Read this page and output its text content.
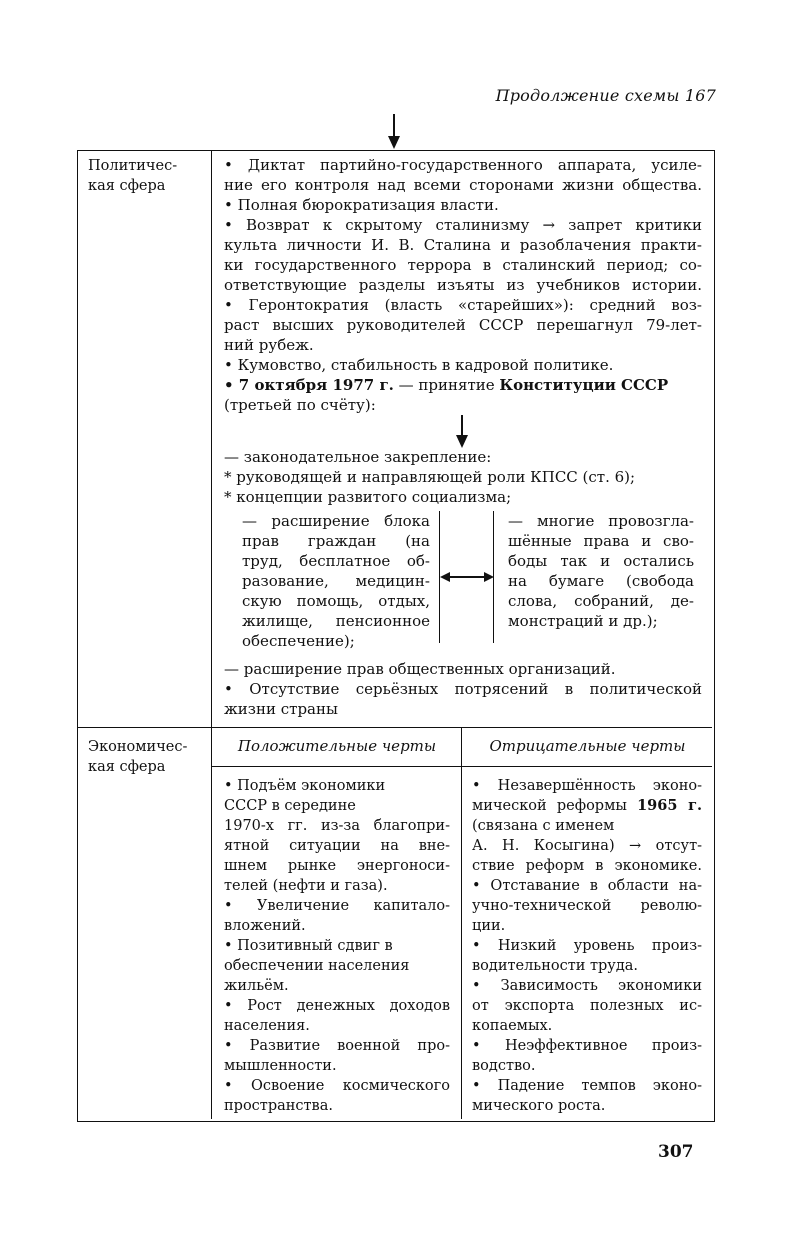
Продолжение схемы 167
Политичес-
кая сфера
• Диктат партийно-государственного аппарата, усиле-
ние его контроля над всеми сторонами жизни общества.
• Полная бюрократизация власти.
• Возврат к скрытому сталинизму → запрет критики
культа личности И. В. Сталина и разоблачения практи-
ки государственного террора в сталинский период; со-
ответствующие разделы изъяты из учебников истории.
• Геронтократия (власть «старейших»): средний воз-
раст высших руководителей СССР перешагнул 79-лет-
ний рубеж.
• Кумовство, стабильность в кадровой политике.
• 7 октября 1977 г. — принятие Конституции СССР
(третьей по счёту):
— законодательное закрепление:
* руководящей и направляющей роли КПСС (ст. 6);
* концепции развитого социализма;
— расширение блока
прав граждан (на
труд, бесплатное об-
разование, медицин-
скую помощь, отдых,
жилище, пенсионное
обеспечение);
— многие провозгла-
шённые права и сво-
боды так и остались
на бумаге (свобода
слова, собраний, де-
монстраций и др.);
— расширение прав общественных организаций.
• Отсутствие серьёзных потрясений в политической
жизни страны
Экономичес-
кая сфера
Положительные черты	Отрицательные черты
• Подъём экономики
СССР в середине
1970-х гг. из-за благопри-
ятной ситуации на вне-
шнем рынке энергоноси-
телей (нефти и газа).
• Увеличение капитало-
вложений.
• Позитивный сдвиг в
обеспечении населения
жильём.
• Рост денежных доходов
населения.
• Развитие военной про-
мышленности.
• Освоение космического
пространства.
• Незавершённость эконо-
мической реформы 1965 г.
(связана с именем
А. Н. Косыгина) → отсут-
ствие реформ в экономике.
• Отставание в области на-
учно-технической револю-
ции.
• Низкий уровень произ-
водительности труда.
• Зависимость экономики
от экспорта полезных ис-
копаемых.
• Неэффективное произ-
водство.
• Падение темпов эконо-
мического роста.
307
